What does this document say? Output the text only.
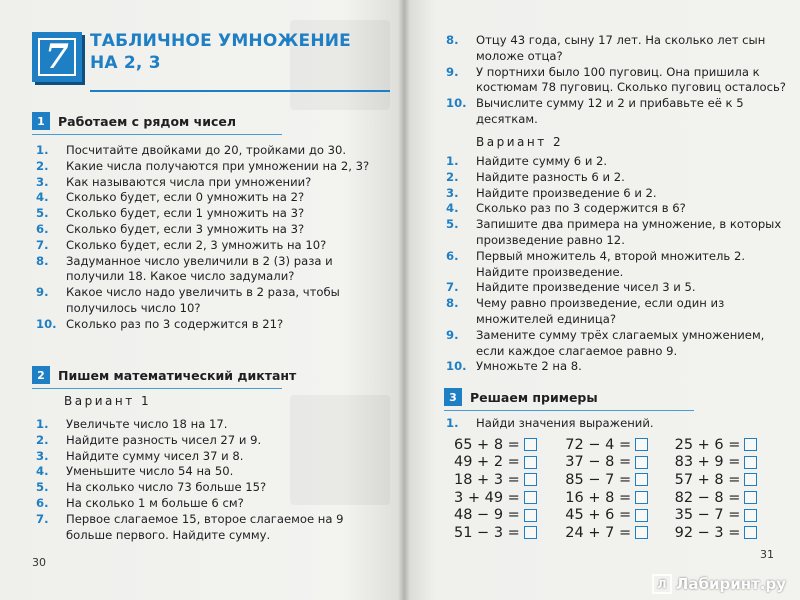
7 ТАБЛИЧНОЕ УМНОЖЕНИЕ
НА 2, 3
1	Работаем с рядом чисел
1.	Посчитайте двойками до 20, тройками до 30.
2.	Какие числа получаются при умножении на 2, 3?
3.	Как называются числа при умножении?
4.	Сколько будет, если 0 умножить на 2?
5.	Сколько будет, если 1 умножить на 3?
6.	Сколько будет, если 3 умножить на 3?
7.	Сколько будет, если 2, 3 умножить на 10?
8.	Задуманное число увеличили в 2 (3) раза и получили 18. Какое число задумали?
9.	Какое число надо увеличить в 2 раза, чтобы получилось число 10?
10. Сколько раз по 3 содержится в 21?
2	Пишем математический диктант
Вариант 1
1.	Увеличьте число 18 на 17.
2.	Найдите разность чисел 27 и 9.
3.	Найдите сумму чисел 37 и 8.
4.	Уменьшите число 54 на 50.
5.	На сколько число 73 больше 15?
6.	На сколько 1 м больше 6 см?
7.	Первое слагаемое 15, второе слагаемое на 9 больше первого. Найдите сумму.
30
8.	Отцу 43 года, сыну 17 лет. На сколько лет сын моложе отца?
9.	У портнихи было 100 пуговиц. Она пришила к костюмам 78 пуговиц. Сколько пуговиц осталось?
10. Вычислите сумму 12 и 2 и прибавьте её к 5 десяткам.
Вариант 2
1.	Найдите сумму 6 и 2.
2.	Найдите разность 6 и 2.
3.	Найдите произведение 6 и 2.
4.	Сколько раз по 3 содержится в 6?
5.	Запишите два примера на умножение, в которых произведение равно 12.
6.	Первый множитель 4, второй множитель 2. Найдите произведение.
7.	Найдите произведение чисел 3 и 5.
8.	Чему равно произведение, если один из множителей единица?
9.	Замените сумму трёх слагаемых умножением, если каждое слагаемое равно 9.
10. Умножьте 2 на 8.
3	Решаем примеры
1.	Найди значения выражений.
65 + 8 =	72 − 4 =	25 + 6 =
49 + 2 =	37 − 8 =	83 + 9 =
18 + 3 =	85 − 7 =	57 + 8 =
3 + 49 =	16 + 8 =	82 − 8 =
48 − 9 =	45 + 6 =	35 − 7 =
51 − 3 =	24 + 7 =	92 − 3 =
31
Л Лабиринт.ру
